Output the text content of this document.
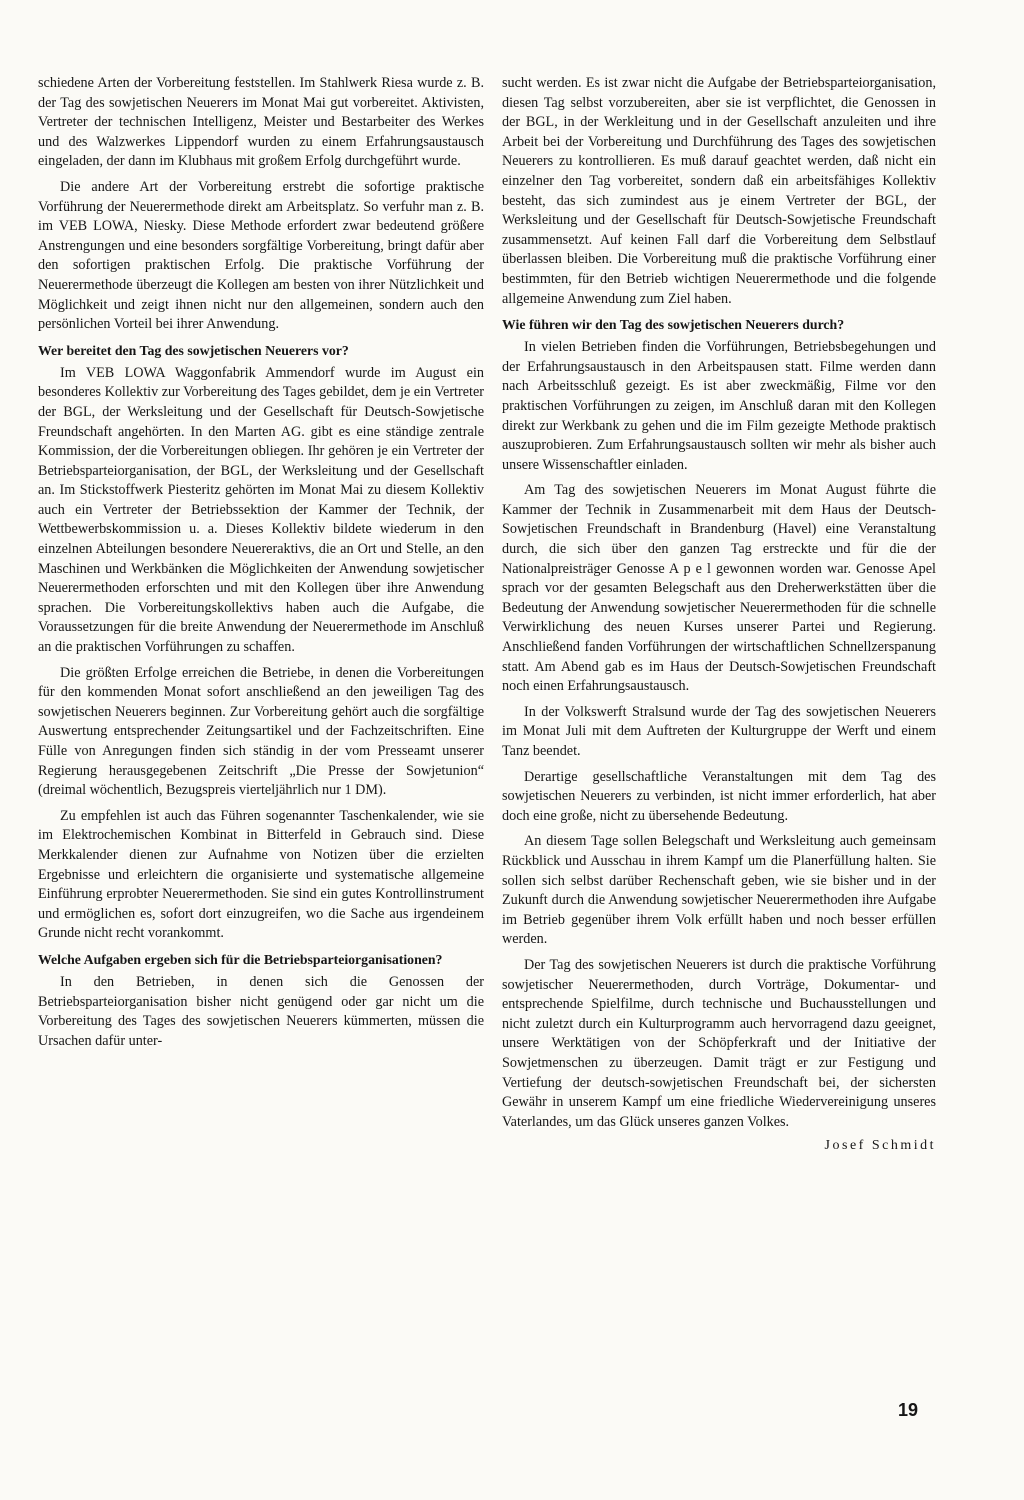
schiedene Arten der Vorbereitung feststellen. Im Stahlwerk Riesa wurde z. B. der Tag des sowjetischen Neuerers im Monat Mai gut vorbereitet. Aktivisten, Vertreter der technischen Intelligenz, Meister und Bestarbeiter des Werkes und des Walzwerkes Lippendorf wurden zu einem Erfahrungsaustausch eingeladen, der dann im Klubhaus mit großem Erfolg durchgeführt wurde.

Die andere Art der Vorbereitung erstrebt die sofortige praktische Vorführung der Neuerermethode direkt am Arbeitsplatz. So verfuhr man z. B. im VEB LOWA, Niesky. Diese Methode erfordert zwar bedeutend größere Anstrengungen und eine besonders sorgfältige Vorbereitung, bringt dafür aber den sofortigen praktischen Erfolg. Die praktische Vorführung der Neuerermethode überzeugt die Kollegen am besten von ihrer Nützlichkeit und Möglichkeit und zeigt ihnen nicht nur den allgemeinen, sondern auch den persönlichen Vorteil bei ihrer Anwendung.

Wer bereitet den Tag des sowjetischen Neuerers vor?

Im VEB LOWA Waggonfabrik Ammendorf wurde im August ein besonderes Kollektiv zur Vorbereitung des Tages gebildet, dem je ein Vertreter der BGL, der Werksleitung und der Gesellschaft für Deutsch-Sowjetische Freundschaft angehörten. In den Marten AG. gibt es eine ständige zentrale Kommission, der die Vorbereitungen obliegen. Ihr gehören je ein Vertreter der Betriebsparteiorganisation, der BGL, der Werksleitung und der Gesellschaft an. Im Stickstoffwerk Piesteritz gehörten im Monat Mai zu diesem Kollektiv auch ein Vertreter der Betriebssektion der Kammer der Technik, der Wettbewerbskommission u. a. Dieses Kollektiv bildete wiederum in den einzelnen Abteilungen besondere Neuereraktivs, die an Ort und Stelle, an den Maschinen und Werkbänken die Möglichkeiten der Anwendung sowjetischer Neuerermethoden erforschten und mit den Kollegen über ihre Anwendung sprachen. Die Vorbereitungskollektivs haben auch die Aufgabe, die Voraussetzungen für die breite Anwendung der Neuerermethode im Anschluß an die praktischen Vorführungen zu schaffen.

Die größten Erfolge erreichen die Betriebe, in denen die Vorbereitungen für den kommenden Monat sofort anschließend an den jeweiligen Tag des sowjetischen Neuerers beginnen. Zur Vorbereitung gehört auch die sorgfältige Auswertung entsprechender Zeitungsartikel und der Fachzeitschriften. Eine Fülle von Anregungen finden sich ständig in der vom Presseamt unserer Regierung herausgegebenen Zeitschrift „Die Presse der Sowjetunion“ (dreimal wöchentlich, Bezugspreis vierteljährlich nur 1 DM).

Zu empfehlen ist auch das Führen sogenannter Taschenkalender, wie sie im Elektrochemischen Kombinat in Bitterfeld in Gebrauch sind. Diese Merkkalender dienen zur Aufnahme von Notizen über die erzielten Ergebnisse und erleichtern die organisierte und systematische allgemeine Einführung erprobter Neuerermethoden. Sie sind ein gutes Kontrollinstrument und ermöglichen es, sofort dort einzugreifen, wo die Sache aus irgendeinem Grunde nicht recht vorankommt.

Welche Aufgaben ergeben sich für die Betriebsparteiorganisationen?

In den Betrieben, in denen sich die Genossen der Betriebsparteiorganisation bisher nicht genügend oder gar nicht um die Vorbereitung des Tages des sowjetischen Neuerers kümmerten, müssen die Ursachen dafür unter-

sucht werden. Es ist zwar nicht die Aufgabe der Betriebsparteiorganisation, diesen Tag selbst vorzubereiten, aber sie ist verpflichtet, die Genossen in der BGL, in der Werkleitung und in der Gesellschaft anzuleiten und ihre Arbeit bei der Vorbereitung und Durchführung des Tages des sowjetischen Neuerers zu kontrollieren. Es muß darauf geachtet werden, daß nicht ein einzelner den Tag vorbereitet, sondern daß ein arbeitsfähiges Kollektiv besteht, das sich zumindest aus je einem Vertreter der BGL, der Werksleitung und der Gesellschaft für Deutsch-Sowjetische Freundschaft zusammensetzt. Auf keinen Fall darf die Vorbereitung dem Selbstlauf überlassen bleiben. Die Vorbereitung muß die praktische Vorführung einer bestimmten, für den Betrieb wichtigen Neuerermethode und die folgende allgemeine Anwendung zum Ziel haben.

Wie führen wir den Tag des sowjetischen Neuerers durch?

In vielen Betrieben finden die Vorführungen, Betriebsbegehungen und der Erfahrungsaustausch in den Arbeitspausen statt. Filme werden dann nach Arbeitsschluß gezeigt. Es ist aber zweckmäßig, Filme vor den praktischen Vorführungen zu zeigen, im Anschluß daran mit den Kollegen direkt zur Werkbank zu gehen und die im Film gezeigte Methode praktisch auszuprobieren. Zum Erfahrungsaustausch sollten wir mehr als bisher auch unsere Wissenschaftler einladen.

Am Tag des sowjetischen Neuerers im Monat August führte die Kammer der Technik in Zusammenarbeit mit dem Haus der Deutsch-Sowjetischen Freundschaft in Brandenburg (Havel) eine Veranstaltung durch, die sich über den ganzen Tag erstreckte und für die der Nationalpreisträger Genosse A p e l gewonnen worden war. Genosse Apel sprach vor der gesamten Belegschaft aus den Dreherwerkstätten über die Bedeutung der Anwendung sowjetischer Neuerermethoden für die schnelle Verwirklichung des neuen Kurses unserer Partei und Regierung. Anschließend fanden Vorführungen der wirtschaftlichen Schnellzerspanung statt. Am Abend gab es im Haus der Deutsch-Sowjetischen Freundschaft noch einen Erfahrungsaustausch.

In der Volkswerft Stralsund wurde der Tag des sowjetischen Neuerers im Monat Juli mit dem Auftreten der Kulturgruppe der Werft und einem Tanz beendet.

Derartige gesellschaftliche Veranstaltungen mit dem Tag des sowjetischen Neuerers zu verbinden, ist nicht immer erforderlich, hat aber doch eine große, nicht zu übersehende Bedeutung.

An diesem Tage sollen Belegschaft und Werksleitung auch gemeinsam Rückblick und Ausschau in ihrem Kampf um die Planerfüllung halten. Sie sollen sich selbst darüber Rechenschaft geben, wie sie bisher und in der Zukunft durch die Anwendung sowjetischer Neuerermethoden ihre Aufgabe im Betrieb gegenüber ihrem Volk erfüllt haben und noch besser erfüllen werden.

Der Tag des sowjetischen Neuerers ist durch die praktische Vorführung sowjetischer Neuerermethoden, durch Vorträge, Dokumentar- und entsprechende Spielfilme, durch technische und Buchausstellungen und nicht zuletzt durch ein Kulturprogramm auch hervorragend dazu geeignet, unsere Werktätigen von der Schöpferkraft und der Initiative der Sowjetmenschen zu überzeugen. Damit trägt er zur Festigung und Vertiefung der deutsch-sowjetischen Freundschaft bei, der sichersten Gewähr in unserem Kampf um eine friedliche Wiedervereinigung unseres Vaterlandes, um das Glück unseres ganzen Volkes.

Josef Schmidt
19
